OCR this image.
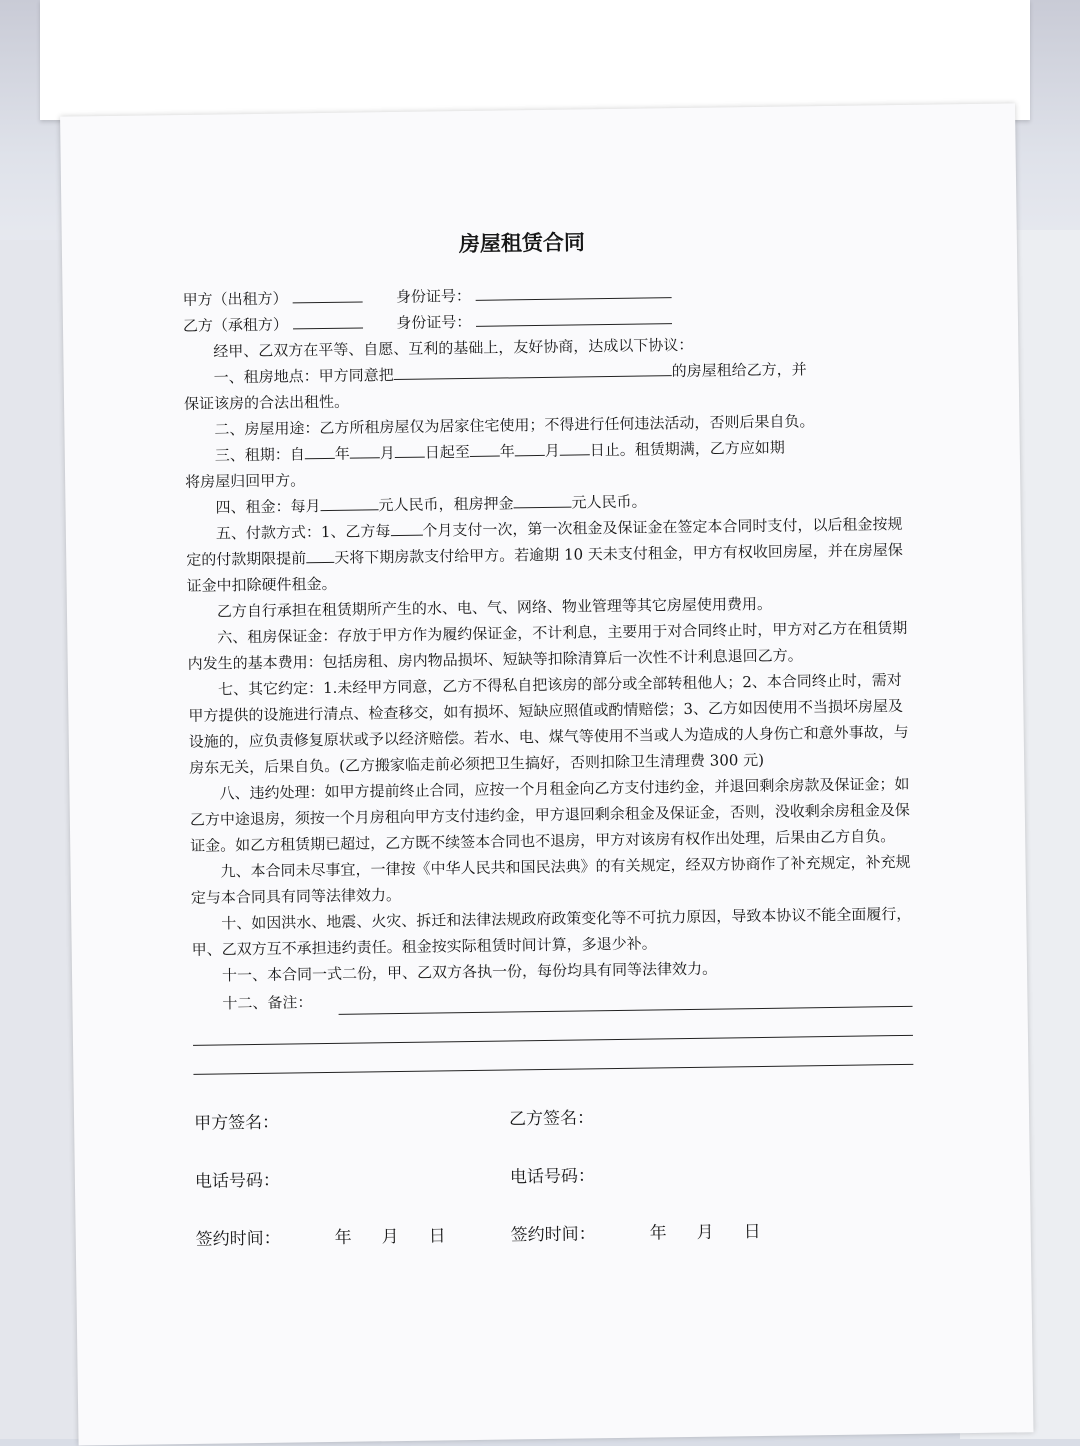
房屋租赁合同
甲方（出租方）	身份证号：
乙方（承租方）	身份证号：

经甲、乙双方在平等、自愿、互利的基础上，友好协商，达成以下协议：

一、租房地点：甲方同意把	的房屋租给乙方，并

保证该房的合法出租性。

二、房屋用途：乙方所租房屋仅为居家住宅使用；不得进行任何违法活动，否则后果自负。

三、租期：自 年 月 日起至 年 月 日止。租赁期满，乙方应如期

将房屋归回甲方。

四、租金：每月	元人民币，租房押金	元人民币。

五、付款方式：1、乙方每 个月支付一次，第一次租金及保证金在签定本合同时支付，以后租金按规定的付款期限提前 天将下期房款支付给甲方。若逾期 10 天未支付租金，甲方有权收回房屋，并在房屋保证金中扣除硬件租金。

乙方自行承担在租赁期所产生的水、电、气、网络、物业管理等其它房屋使用费用。

六、租房保证金：存放于甲方作为履约保证金，不计利息，主要用于对合同终止时，甲方对乙方在租赁期内发生的基本费用：包括房租、房内物品损坏、短缺等扣除清算后一次性不计利息退回乙方。

七、其它约定：1.未经甲方同意，乙方不得私自把该房的部分或全部转租他人；2、本合同终止时，需对甲方提供的设施进行清点、检查移交，如有损坏、短缺应照值或酌情赔偿；3、乙方如因使用不当损坏房屋及设施的，应负责修复原状或予以经济赔偿。若水、电、煤气等使用不当或人为造成的人身伤亡和意外事故，与房东无关，后果自负。(乙方搬家临走前必须把卫生搞好，否则扣除卫生清理费 300 元)

八、违约处理：如甲方提前终止合同，应按一个月租金向乙方支付违约金，并退回剩余房款及保证金；如乙方中途退房，须按一个月房租向甲方支付违约金，甲方退回剩余租金及保证金，否则，没收剩余房租金及保证金。如乙方租赁期已超过，乙方既不续签本合同也不退房，甲方对该房有权作出处理，后果由乙方自负。

九、本合同未尽事宜，一律按《中华人民共和国民法典》的有关规定，经双方协商作了补充规定，补充规定与本合同具有同等法律效力。

十、如因洪水、地震、火灾、拆迁和法律法规政府政策变化等不可抗力原因，导致本协议不能全面履行，甲、乙双方互不承担违约责任。租金按实际租赁时间计算，多退少补。

十一、本合同一式二份，甲、乙双方各执一份，每份均具有同等法律效力。

十二、备注：

甲方签名：	乙方签名：
电话号码：	电话号码：
签约时间：	年 月 日	签约时间：	年 月 日
